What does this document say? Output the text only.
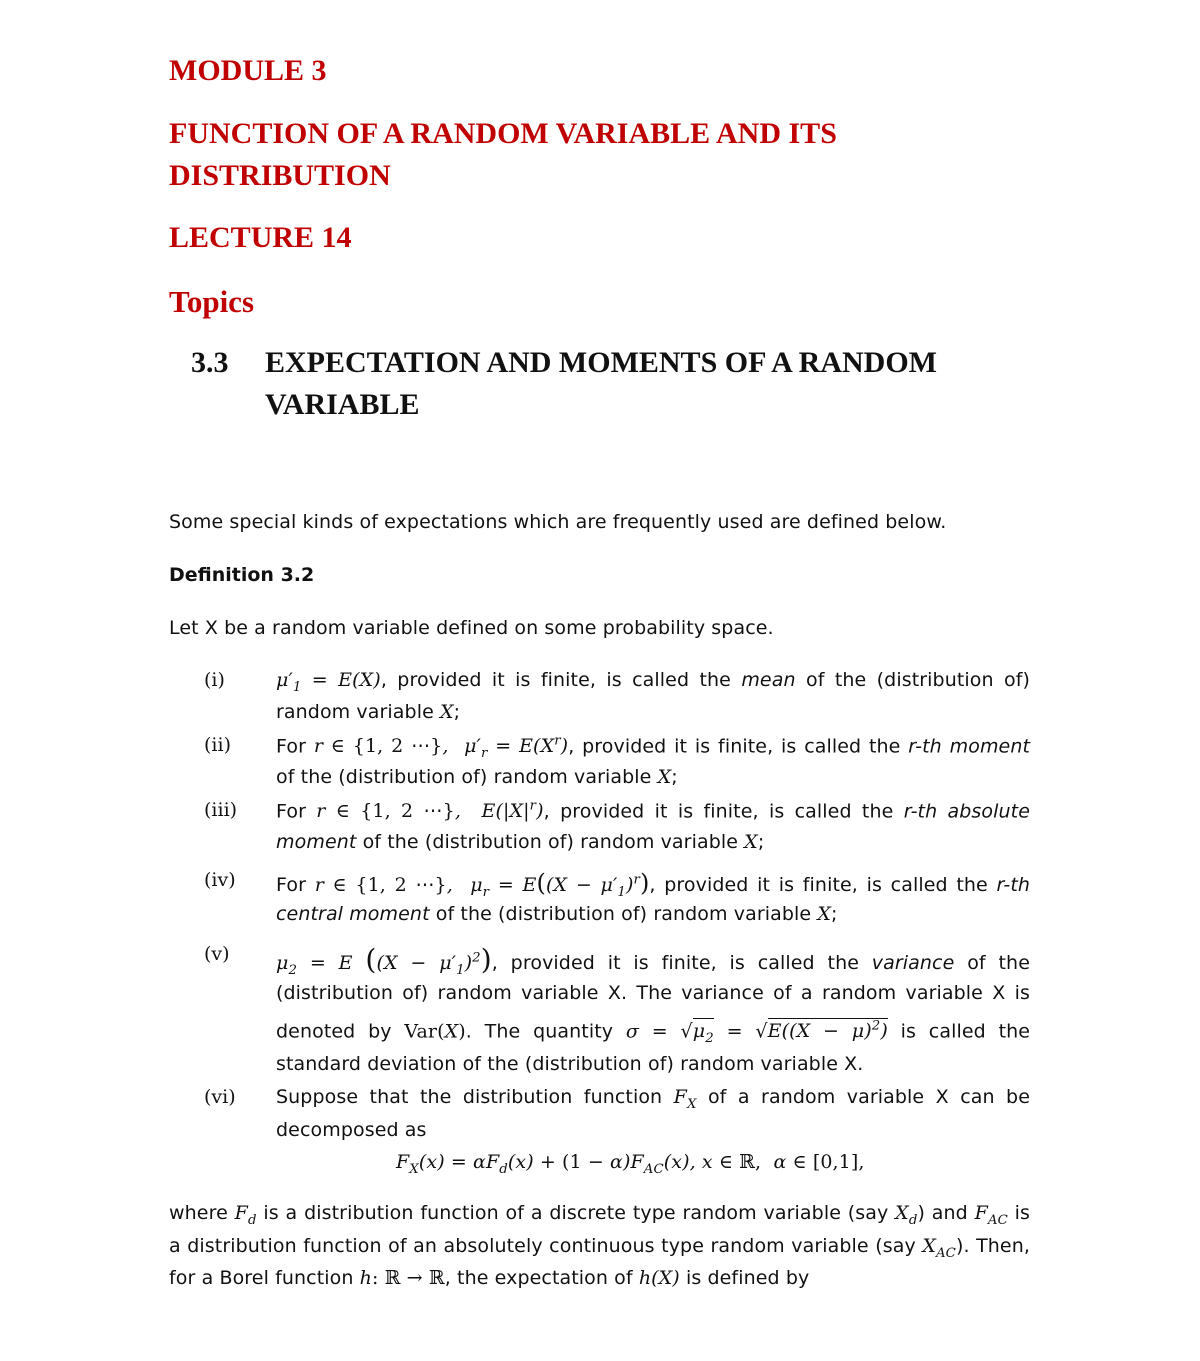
MODULE 3
FUNCTION OF A RANDOM VARIABLE AND ITS
DISTRIBUTION
LECTURE 14
Topics
3.3 EXPECTATION AND MOMENTS OF A RANDOM
VARIABLE
Some special kinds of expectations which are frequently used are defined below.
Definition 3.2
Let X be a random variable defined on some probability space.
(i)
(ii)
(iii)
(iv)
(v)
(vi)
$\mu'_1 = E(X)$, provided it is finite, is called the mean of the (distribution of)
random variable X;
For r ∈ {1, 2 ⋯},  $\mu'_r = E(X^r)$, provided it is finite, is called the r-th moment
of the (distribution of) random variable X;
For r ∈ {1, 2 ⋯},  $E(|X|^r)$, provided it is finite, is called the r-th absolute
moment of the (distribution of) random variable X;
For r ∈ {1, 2 ⋯},  $\mu_r = E((X - \mu'_1)^r)$, provided it is finite, is called the r-th
central moment of the (distribution of) random variable X;
$\mu_2 = E$ $((X - \mu'_1)^2)$, provided it is finite, is called the variance of the
(distribution of) random variable X. The variance of a random variable X is
denoted by Var(X). The quantity $\sigma = √\mu_2 = √E((X - \mu)^2)$ is called the
standard deviation of the (distribution of) random variable X.
Suppose that the distribution function $F_X$ of a random variable X can be
decomposed as
$F_X(x) = \alpha F_d(x) + (1 - \alpha)F_{AC}(x)$, x ∈ ℝ,  α ∈ [0,1],
where $F_d$ is a distribution function of a discrete type random variable (say $X_d$) and $F_{AC}$ is
a distribution function of an absolutely continuous type random variable (say $X_{AC}$). Then,
for a Borel function h: ℝ → ℝ, the expectation of h(X) is defined by
